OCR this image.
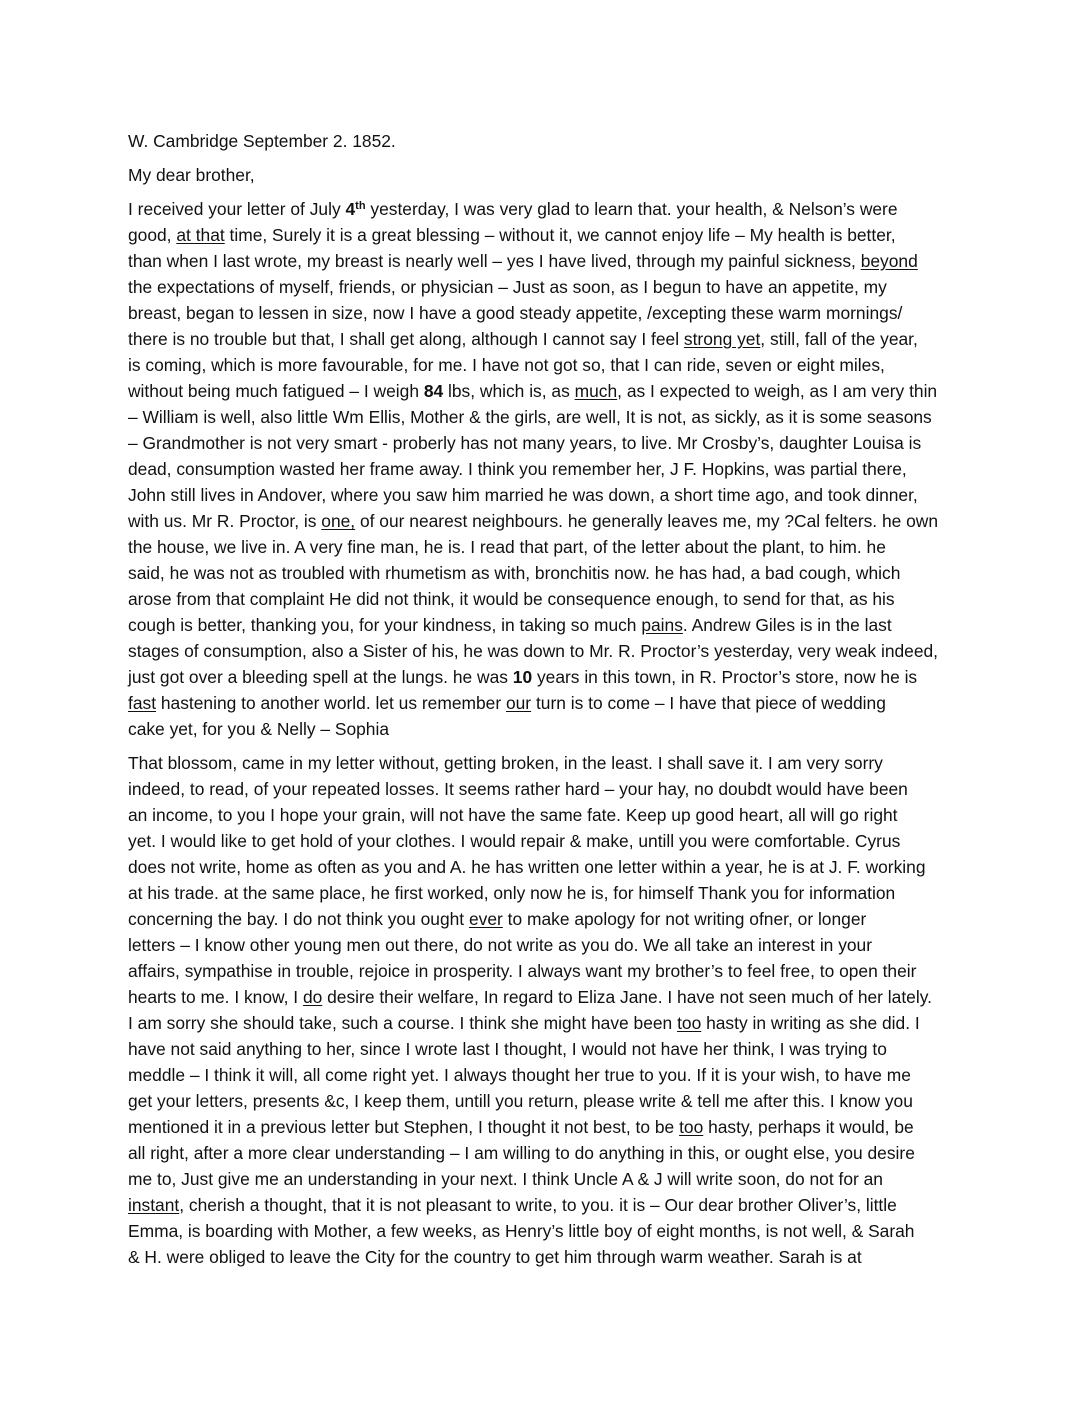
W. Cambridge September 2. 1852.
My dear brother,
I received your letter of July 4th yesterday, I was very glad to learn that. your health, & Nelson’s were
good, at that time, Surely it is a great blessing – without it, we cannot enjoy life – My health is better,
than when I last wrote, my breast is nearly well – yes I have lived, through my painful sickness, beyond
the expectations of myself, friends, or physician – Just as soon, as I begun to have an appetite, my
breast, began to lessen in size, now I have a good steady appetite, /excepting these warm mornings/
there is no trouble but that, I shall get along, although I cannot say I feel strong yet, still, fall of the year,
is coming, which is more favourable, for me. I have not got so, that I can ride, seven or eight miles,
without being much fatigued – I weigh 84 lbs, which is, as much, as I expected to weigh, as I am very thin
– William is well, also little Wm Ellis, Mother & the girls, are well, It is not, as sickly, as it is some seasons
– Grandmother is not very smart - proberly has not many years, to live. Mr Crosby’s, daughter Louisa is
dead, consumption wasted her frame away. I think you remember her, J F. Hopkins, was partial there,
John still lives in Andover, where you saw him married he was down, a short time ago, and took dinner,
with us. Mr R. Proctor, is one, of our nearest neighbours. he generally leaves me, my ?Cal felters. he own
the house, we live in. A very fine man, he is. I read that part, of the letter about the plant, to him. he
said, he was not as troubled with rhumetism as with, bronchitis now. he has had, a bad cough, which
arose from that complaint He did not think, it would be consequence enough, to send for that, as his
cough is better, thanking you, for your kindness, in taking so much pains. Andrew Giles is in the last
stages of consumption, also a Sister of his, he was down to Mr. R. Proctor’s yesterday, very weak indeed,
just got over a bleeding spell at the lungs. he was 10 years in this town, in R. Proctor’s store, now he is
fast hastening to another world. let us remember our turn is to come – I have that piece of wedding
cake yet, for you & Nelly – Sophia
That blossom, came in my letter without, getting broken, in the least. I shall save it. I am very sorry
indeed, to read, of your repeated losses. It seems rather hard – your hay, no doubdt would have been
an income, to you I hope your grain, will not have the same fate. Keep up good heart, all will go right
yet. I would like to get hold of your clothes. I would repair & make, untill you were comfortable. Cyrus
does not write, home as often as you and A. he has written one letter within a year, he is at J. F. working
at his trade. at the same place, he first worked, only now he is, for himself Thank you for information
concerning the bay. I do not think you ought ever to make apology for not writing ofner, or longer
letters – I know other young men out there, do not write as you do. We all take an interest in your
affairs, sympathise in trouble, rejoice in prosperity. I always want my brother’s to feel free, to open their
hearts to me. I know, I do desire their welfare, In regard to Eliza Jane. I have not seen much of her lately.
I am sorry she should take, such a course. I think she might have been too hasty in writing as she did. I
have not said anything to her, since I wrote last I thought, I would not have her think, I was trying to
meddle – I think it will, all come right yet. I always thought her true to you. If it is your wish, to have me
get your letters, presents &c, I keep them, untill you return, please write & tell me after this. I know you
mentioned it in a previous letter but Stephen, I thought it not best, to be too hasty, perhaps it would, be
all right, after a more clear understanding – I am willing to do anything in this, or ought else, you desire
me to, Just give me an understanding in your next. I think Uncle A & J will write soon, do not for an
instant, cherish a thought, that it is not pleasant to write, to you. it is – Our dear brother Oliver’s, little
Emma, is boarding with Mother, a few weeks, as Henry’s little boy of eight months, is not well, & Sarah
& H. were obliged to leave the City for the country to get him through warm weather. Sarah is at
